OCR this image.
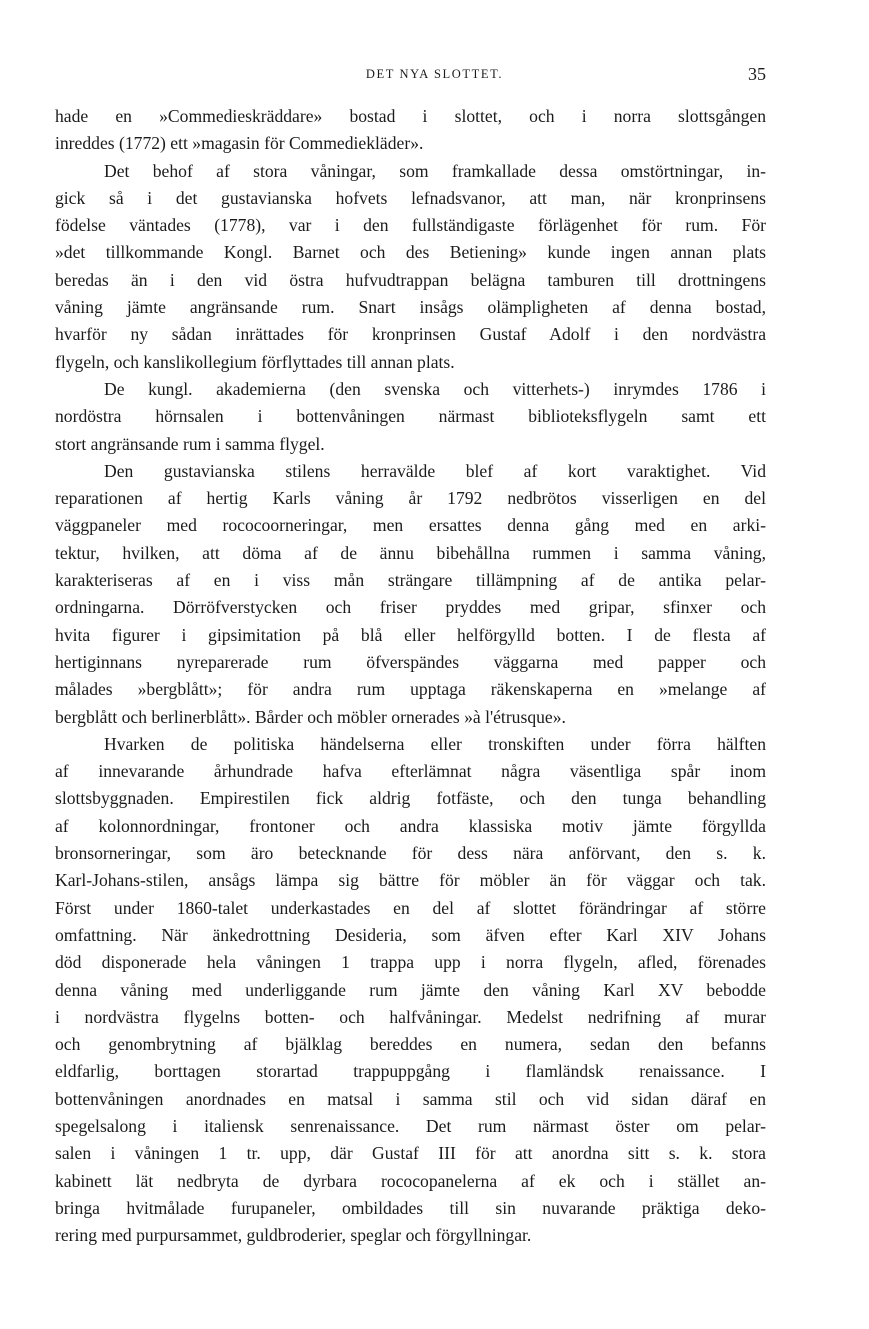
DET NYA SLOTTET.	35
hade en »Commedieskräddare» bostad i slottet, och i norra slottsgången
inreddes (1772) ett »magasin för Commediekläder».
Det behof af stora våningar, som framkallade dessa omstörtningar, in-
gick så i det gustavianska hofvets lefnadsvanor, att man, när kronprinsens
födelse väntades (1778), var i den fullständigaste förlägenhet för rum. För
»det tillkommande Kongl. Barnet och des Betiening» kunde ingen annan plats
beredas än i den vid östra hufvudtrappan belägna tamburen till drottningens
våning jämte angränsande rum. Snart insågs olämpligheten af denna bostad,
hvarför ny sådan inrättades för kronprinsen Gustaf Adolf i den nordvästra
flygeln, och kanslikollegium förflyttades till annan plats.
De kungl. akademierna (den svenska och vitterhets-) inrymdes 1786 i
nordöstra hörnsalen i bottenvåningen närmast biblioteksflygeln samt ett
stort angränsande rum i samma flygel.
Den gustavianska stilens herravälde blef af kort varaktighet. Vid
reparationen af hertig Karls våning år 1792 nedbrötos visserligen en del
väggpaneler med rococoorneringar, men ersattes denna gång med en arki-
tektur, hvilken, att döma af de ännu bibehållna rummen i samma våning,
karakteriseras af en i viss mån strängare tillämpning af de antika pelar-
ordningarna. Dörröfverstycken och friser pryddes med gripar, sfinxer och
hvita figurer i gipsimitation på blå eller helförgylld botten. I de flesta af
hertiginnans nyreparerade rum öfverspändes väggarna med papper och
målades »bergblått»; för andra rum upptaga räkenskaperna en »melange af
bergblått och berlinerblått». Bårder och möbler ornerades »à l'étrusque».
Hvarken de politiska händelserna eller tronskiften under förra hälften
af innevarande århundrade hafva efterlämnat några väsentliga spår inom
slottsbyggnaden. Empirestilen fick aldrig fotfäste, och den tunga behandling
af kolonnordningar, frontoner och andra klassiska motiv jämte förgyllda
bronsorneringar, som äro betecknande för dess nära anförvant, den s. k.
Karl-Johans-stilen, ansågs lämpa sig bättre för möbler än för väggar och tak.
Först under 1860-talet underkastades en del af slottet förändringar af större
omfattning. När änkedrottning Desideria, som äfven efter Karl XIV Johans
död disponerade hela våningen 1 trappa upp i norra flygeln, afled, förenades
denna våning med underliggande rum jämte den våning Karl XV bebodde
i nordvästra flygelns botten- och halfvåningar. Medelst nedrifning af murar
och genombrytning af bjälklag bereddes en numera, sedan den befanns
eldfarlig, borttagen storartad trappuppgång i flamländsk renaissance. I
bottenvåningen anordnades en matsal i samma stil och vid sidan däraf en
spegelsalong i italiensk senrenaissance. Det rum närmast öster om pelar-
salen i våningen 1 tr. upp, där Gustaf III för att anordna sitt s. k. stora
kabinett lät nedbryta de dyrbara rococopanelerna af ek och i stället an-
bringa hvitmålade furupaneler, ombildades till sin nuvarande präktiga deko-
rering med purpursammet, guldbroderier, speglar och förgyllningar.
